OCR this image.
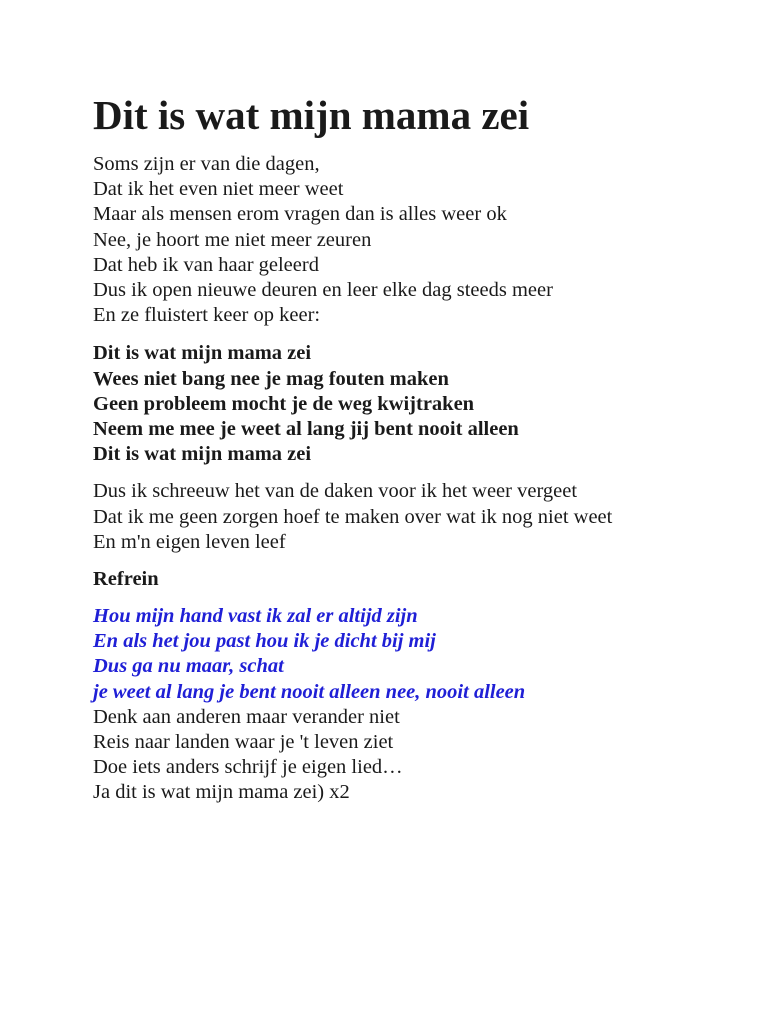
Dit is wat mijn mama zei
Soms zijn er van die dagen,
Dat ik het even niet meer weet
Maar als mensen erom vragen dan is alles weer ok
Nee, je hoort me niet meer zeuren
Dat heb ik van haar geleerd
Dus ik open nieuwe deuren en leer elke dag steeds meer
En ze fluistert keer op keer:
Dit is wat mijn mama zei
Wees niet bang nee je mag fouten maken
Geen probleem mocht je de weg kwijtraken
Neem me mee je weet al lang jij bent nooit alleen
Dit is wat mijn mama zei
Dus ik schreeuw het van de daken voor ik het weer vergeet
Dat ik me geen zorgen hoef te maken over wat ik nog niet weet
En m'n eigen leven leef
Refrein
Hou mijn hand vast ik zal er altijd zijn
En als het jou past hou ik je dicht bij mij
Dus ga nu maar, schat
je weet al lang je bent nooit alleen nee, nooit alleen
Denk aan anderen maar verander niet
Reis naar landen waar je 't leven ziet
Doe iets anders schrijf je eigen lied…
Ja dit is wat mijn mama zei) x2
